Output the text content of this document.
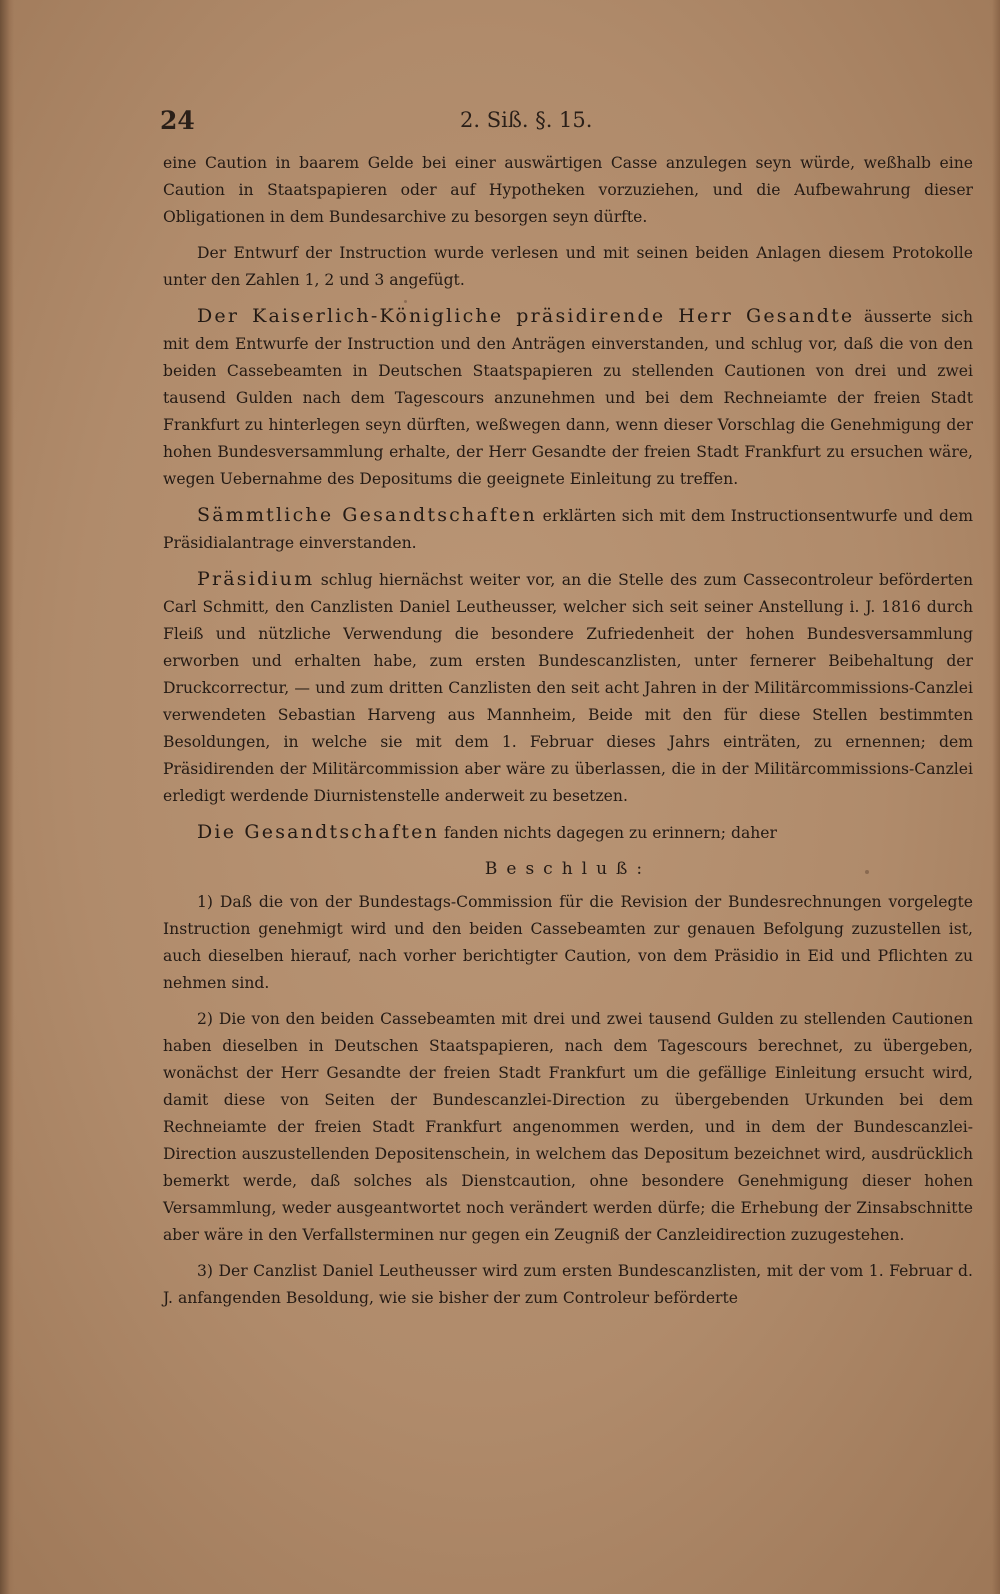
24	2. Siß. §. 15.

eine Caution in baarem Gelde bei einer auswärtigen Casse anzulegen seyn würde, weßhalb eine Caution in Staatspapieren oder auf Hypotheken vorzuziehen, und die Aufbewahrung dieser Obligationen in dem Bundesarchive zu besorgen seyn dürfte.

Der Entwurf der Instruction wurde verlesen und mit seinen beiden Anlagen diesem Protokolle unter den Zahlen 1, 2 und 3 angefügt.

Der Kaiserlich-Königliche präsidirende Herr Gesandte äusserte sich mit dem Entwurfe der Instruction und den Anträgen einverstanden, und schlug vor, daß die von den beiden Cassebeamten in Deutschen Staatspapieren zu stellenden Cautionen von drei und zwei tausend Gulden nach dem Tagescours anzunehmen und bei dem Rechneiamte der freien Stadt Frankfurt zu hinterlegen seyn dürften, weßwegen dann, wenn dieser Vorschlag die Genehmigung der hohen Bundesversammlung erhalte, der Herr Gesandte der freien Stadt Frankfurt zu ersuchen wäre, wegen Uebernahme des Depositums die geeignete Einleitung zu treffen.

Sämmtliche Gesandtschaften erklärten sich mit dem Instructionsentwurfe und dem Präsidialantrage einverstanden.

Präsidium schlug hiernächst weiter vor, an die Stelle des zum Cassecontroleur beförderten Carl Schmitt, den Canzlisten Daniel Leutheusser, welcher sich seit seiner Anstellung i. J. 1816 durch Fleiß und nützliche Verwendung die besondere Zufriedenheit der hohen Bundesversammlung erworben und erhalten habe, zum ersten Bundescanzlisten, unter fernerer Beibehaltung der Druckcorrectur, — und zum dritten Canzlisten den seit acht Jahren in der Militärcommissions-Canzlei verwendeten Sebastian Harveng aus Mannheim, Beide mit den für diese Stellen bestimmten Besoldungen, in welche sie mit dem 1. Februar dieses Jahrs einträten, zu ernennen; dem Präsidirenden der Militärcommission aber wäre zu überlassen, die in der Militärcommissions-Canzlei erledigt werdende Diurnistenstelle anderweit zu besetzen.

Die Gesandtschaften fanden nichts dagegen zu erinnern; daher

Beschluß:

1) Daß die von der Bundestags-Commission für die Revision der Bundesrechnungen vorgelegte Instruction genehmigt wird und den beiden Cassebeamten zur genauen Befolgung zuzustellen ist, auch dieselben hierauf, nach vorher berichtigter Caution, von dem Präsidio in Eid und Pflichten zu nehmen sind.

2) Die von den beiden Cassebeamten mit drei und zwei tausend Gulden zu stellenden Cautionen haben dieselben in Deutschen Staatspapieren, nach dem Tagescours berechnet, zu übergeben, wonächst der Herr Gesandte der freien Stadt Frankfurt um die gefällige Einleitung ersucht wird, damit diese von Seiten der Bundescanzlei-Direction zu übergebenden Urkunden bei dem Rechneiamte der freien Stadt Frankfurt angenommen werden, und in dem der Bundescanzlei-Direction auszustellenden Depositenschein, in welchem das Depositum bezeichnet wird, ausdrücklich bemerkt werde, daß solches als Dienstcaution, ohne besondere Genehmigung dieser hohen Versammlung, weder ausgeantwortet noch verändert werden dürfe; die Erhebung der Zinsabschnitte aber wäre in den Verfallsterminen nur gegen ein Zeugniß der Canzleidirection zuzugestehen.

3) Der Canzlist Daniel Leutheusser wird zum ersten Bundescanzlisten, mit der vom 1. Februar d. J. anfangenden Besoldung, wie sie bisher der zum Controleur beförderte
